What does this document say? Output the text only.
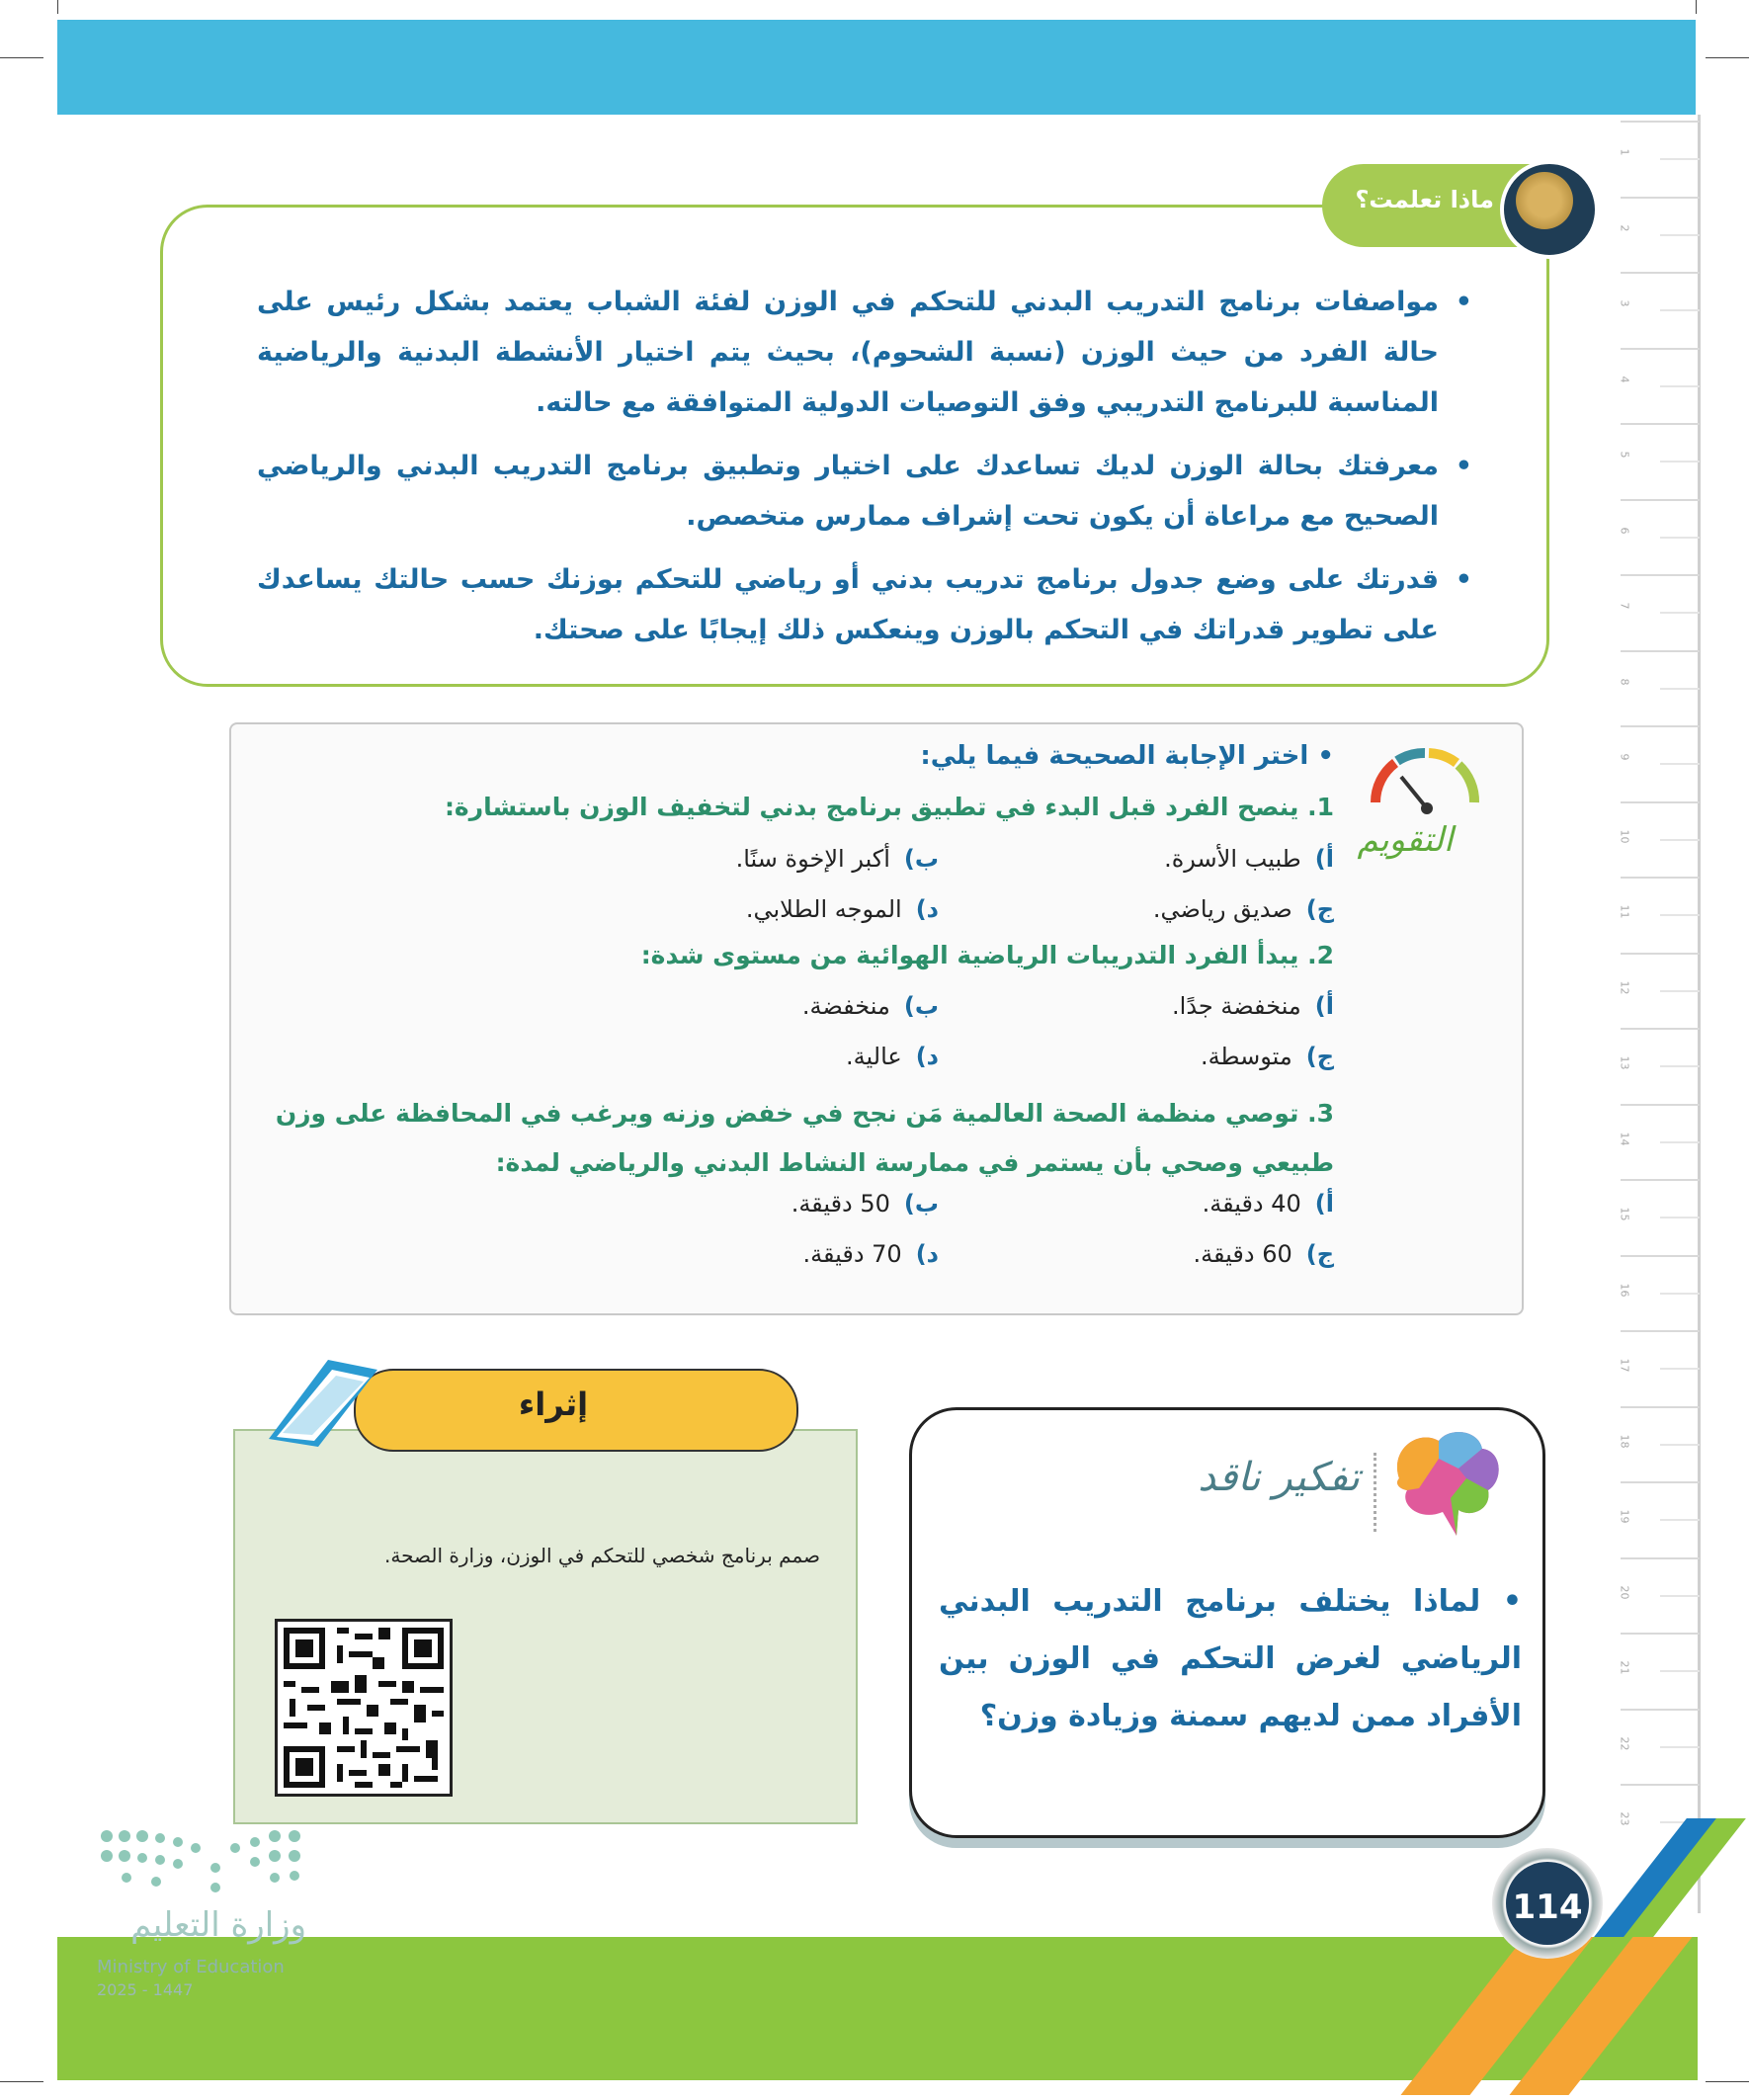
1
2
3
4
5
6
7
8
9
10
11
12
13
14
15
16
17
18
19
20
21
22
23
ماذا تعلمت؟
• مواصفات برنامج التدريب البدني للتحكم في الوزن لفئة الشباب يعتمد بشكل رئيس على حالة الفرد من حيث الوزن (نسبة الشحوم)، بحيث يتم اختيار الأنشطة البدنية والرياضية المناسبة للبرنامج التدريبي وفق التوصيات الدولية المتوافقة مع حالته.
• معرفتك بحالة الوزن لديك تساعدك على اختيار وتطبيق برنامج التدريب البدني والرياضي الصحيح مع مراعاة أن يكون تحت إشراف ممارس متخصص.
• قدرتك على وضع جدول برنامج تدريب بدني أو رياضي للتحكم بوزنك حسب حالتك يساعدك على تطوير قدراتك في التحكم بالوزن وينعكس ذلك إيجابًا على صحتك.
التقويم
• اختر الإجابة الصحيحة فيما يلي:
1. ينصح الفرد قبل البدء في تطبيق برنامج بدني لتخفيف الوزن باستشارة:
أ)طبيب الأسرة.
ب)أكبر الإخوة سنًا.
ج)صديق رياضي.
د)الموجه الطلابي.
2. يبدأ الفرد التدريبات الرياضية الهوائية من مستوى شدة:
أ)منخفضة جدًا.
ب)منخفضة.
ج)متوسطة.
د)عالية.
3. توصي منظمة الصحة العالمية مَن نجح في خفض وزنه ويرغب في المحافظة على وزن طبيعي وصحي بأن يستمر في ممارسة النشاط البدني والرياضي لمدة:
أ)40 دقيقة.
ب)50 دقيقة.
ج)60 دقيقة.
د)70 دقيقة.
إثراء
صمم برنامج شخصي للتحكم في الوزن، وزارة الصحة.
تفكير ناقد
• لماذا يختلف برنامج التدريب البدني الرياضي لغرض التحكم في الوزن بين الأفراد ممن لديهم سمنة وزيادة وزن؟
114
وزارة التعليم
Ministry of Education
2025 - 1447
